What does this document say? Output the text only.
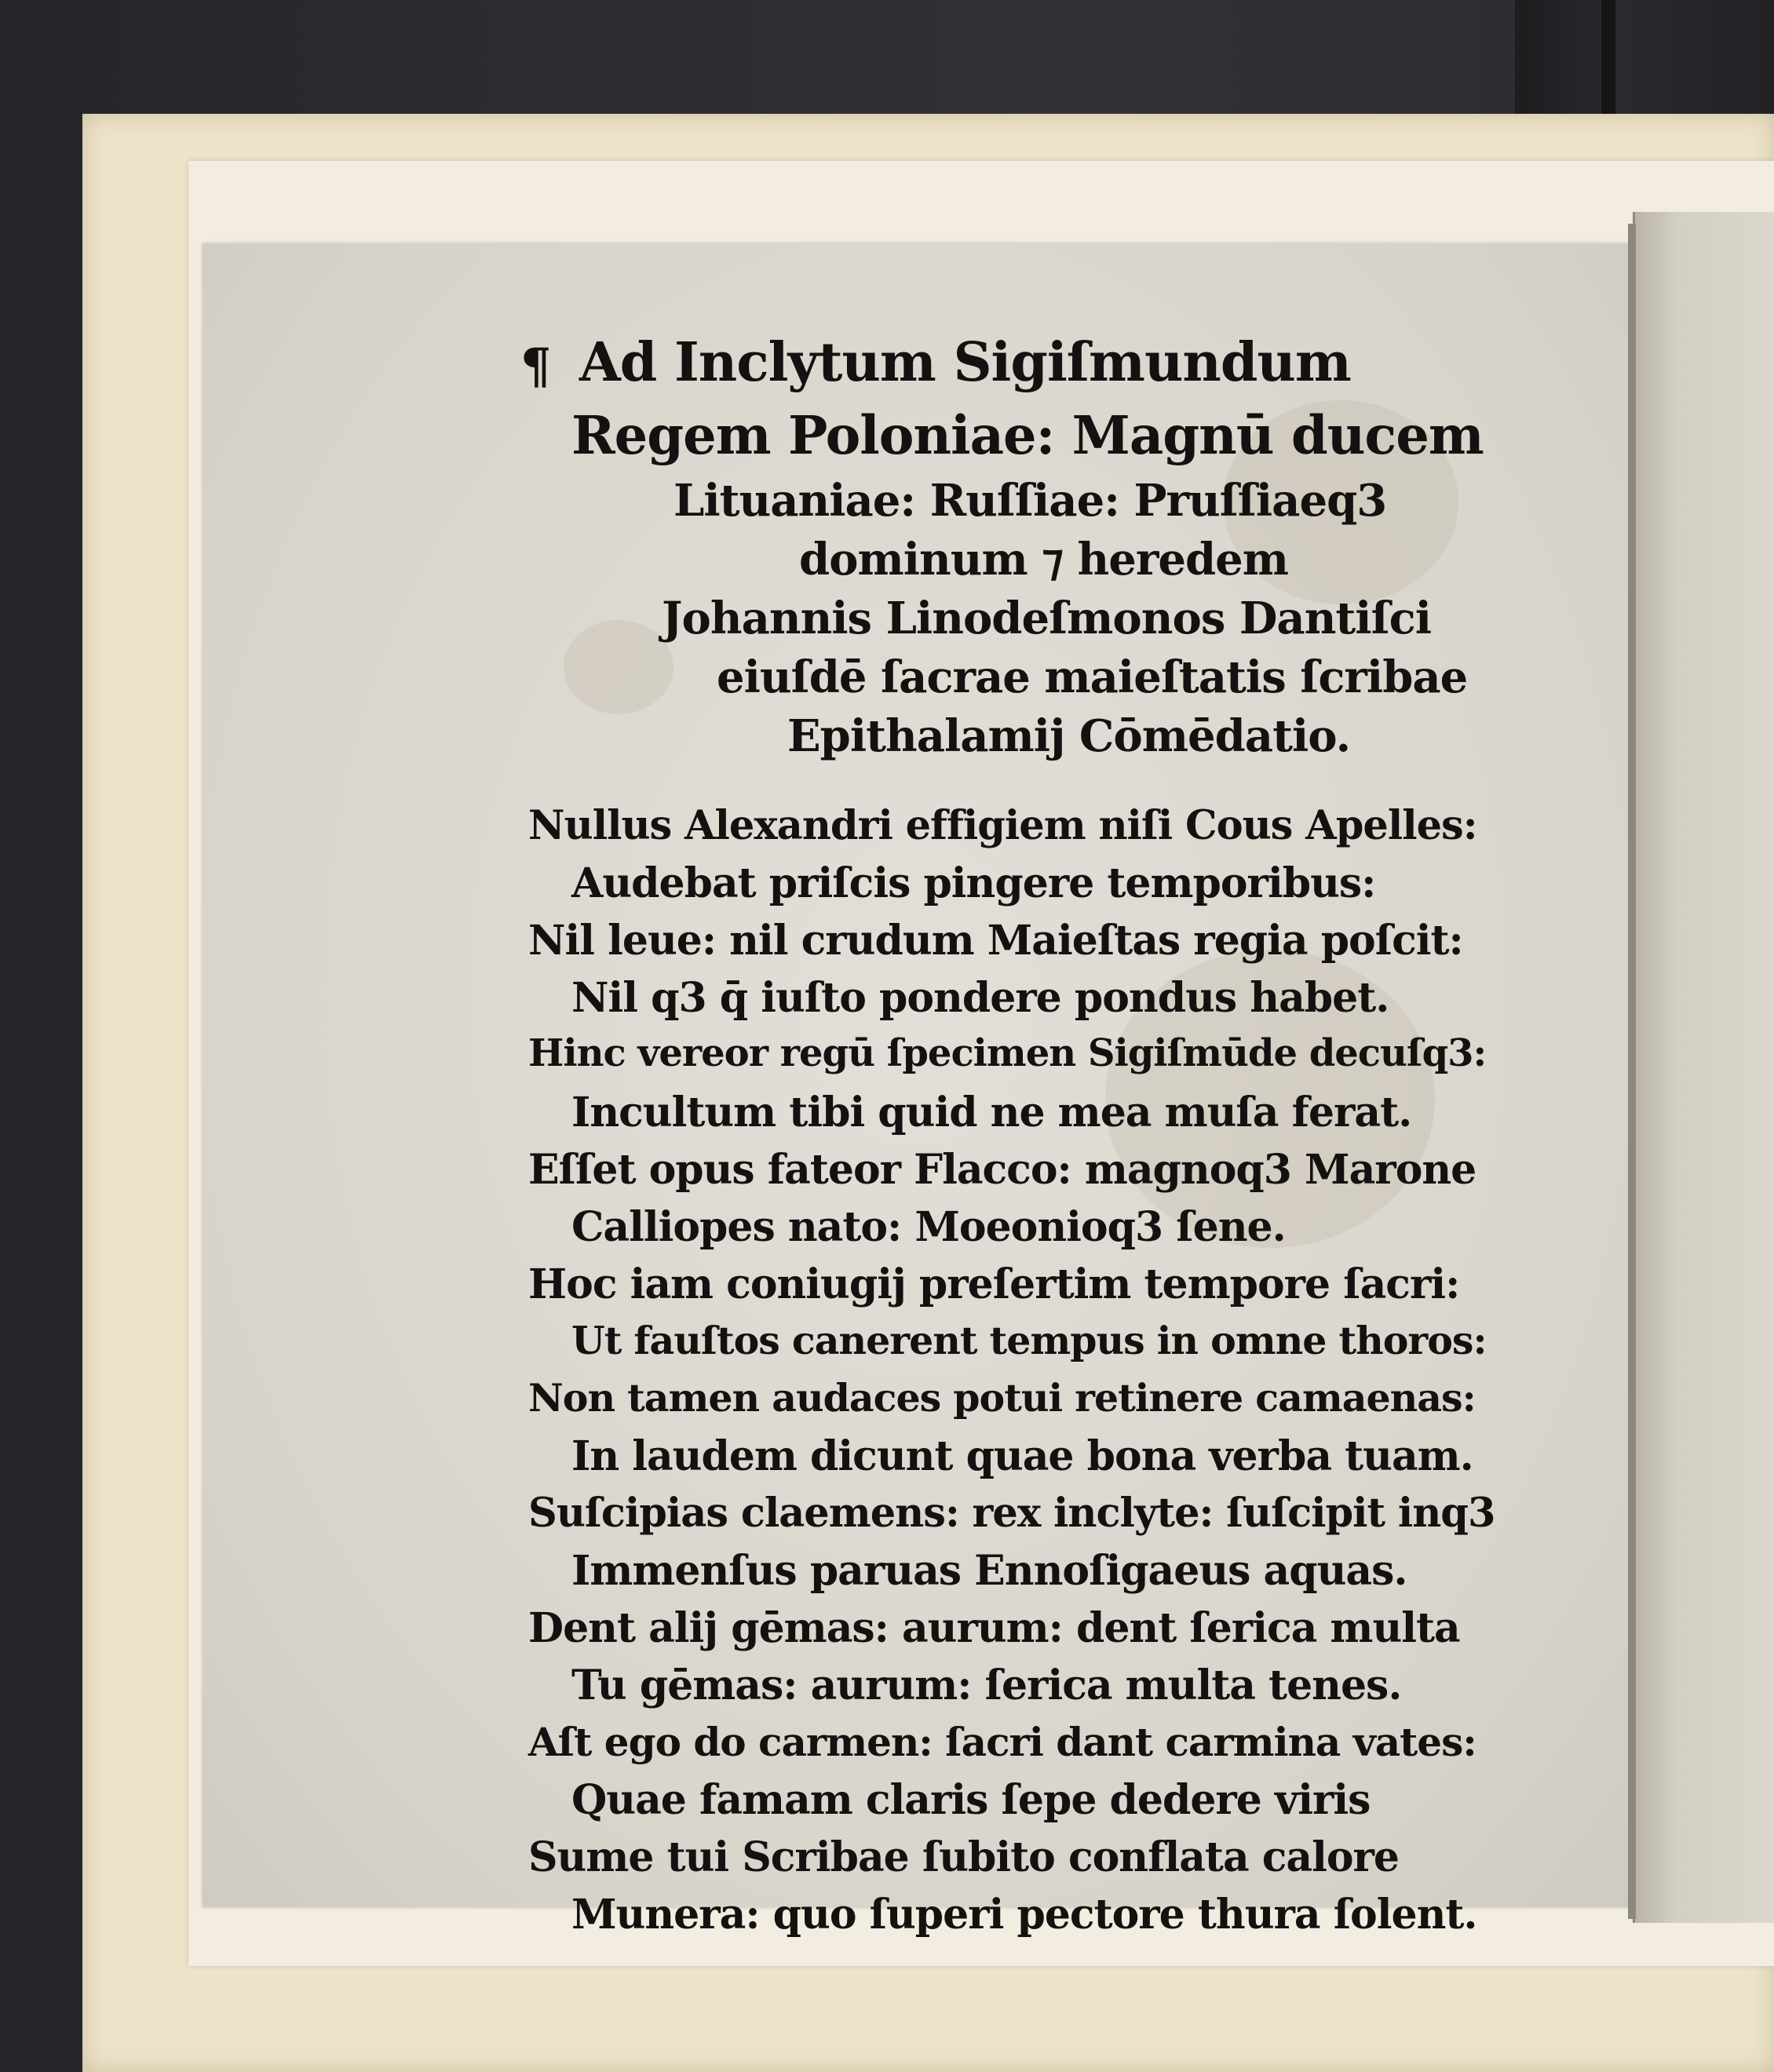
¶ Ad Inclytum Sigiſmundum
Regem Poloniae: Magnū ducem
Lituaniae: Ruſſiae: Pruſſiaeq3
dominum ⁊ heredem
Johannis Linodeſmonos Dantiſci
eiuſdē ſacrae maieſtatis ſcribae
Epithalamij Cōmēdatio.
Nullus Alexandri effigiem niſi Cous Apelles:
Audebat priſcis pingere temporibus:
Nil leue: nil crudum Maieſtas regia poſcit:
Nil q3 q̄ iuſto pondere pondus habet.
Hinc vereor regū ſpecimen Sigiſmūde decuſq3:
Incultum tibi quid ne mea muſa ferat.
Eſſet opus fateor Flacco: magnoq3 Marone
Calliopes nato: Moeonioq3 ſene.
Hoc iam coniugij preſertim tempore ſacri:
Ut fauſtos canerent tempus in omne thoros:
Non tamen audaces potui retinere camaenas:
In laudem dicunt quae bona verba tuam.
Suſcipias claemens: rex inclyte: ſuſcipit inq3
Immenſus paruas Ennoſigaeus aquas.
Dent alij gēmas: aurum: dent ſerica multa
Tu gēmas: aurum: ſerica multa tenes.
Aſt ego do carmen: ſacri dant carmina vates:
Quae famam claris ſepe dedere viris
Sume tui Scribae ſubito conflata calore
Munera: quo ſuperi pectore thura ſolent.
